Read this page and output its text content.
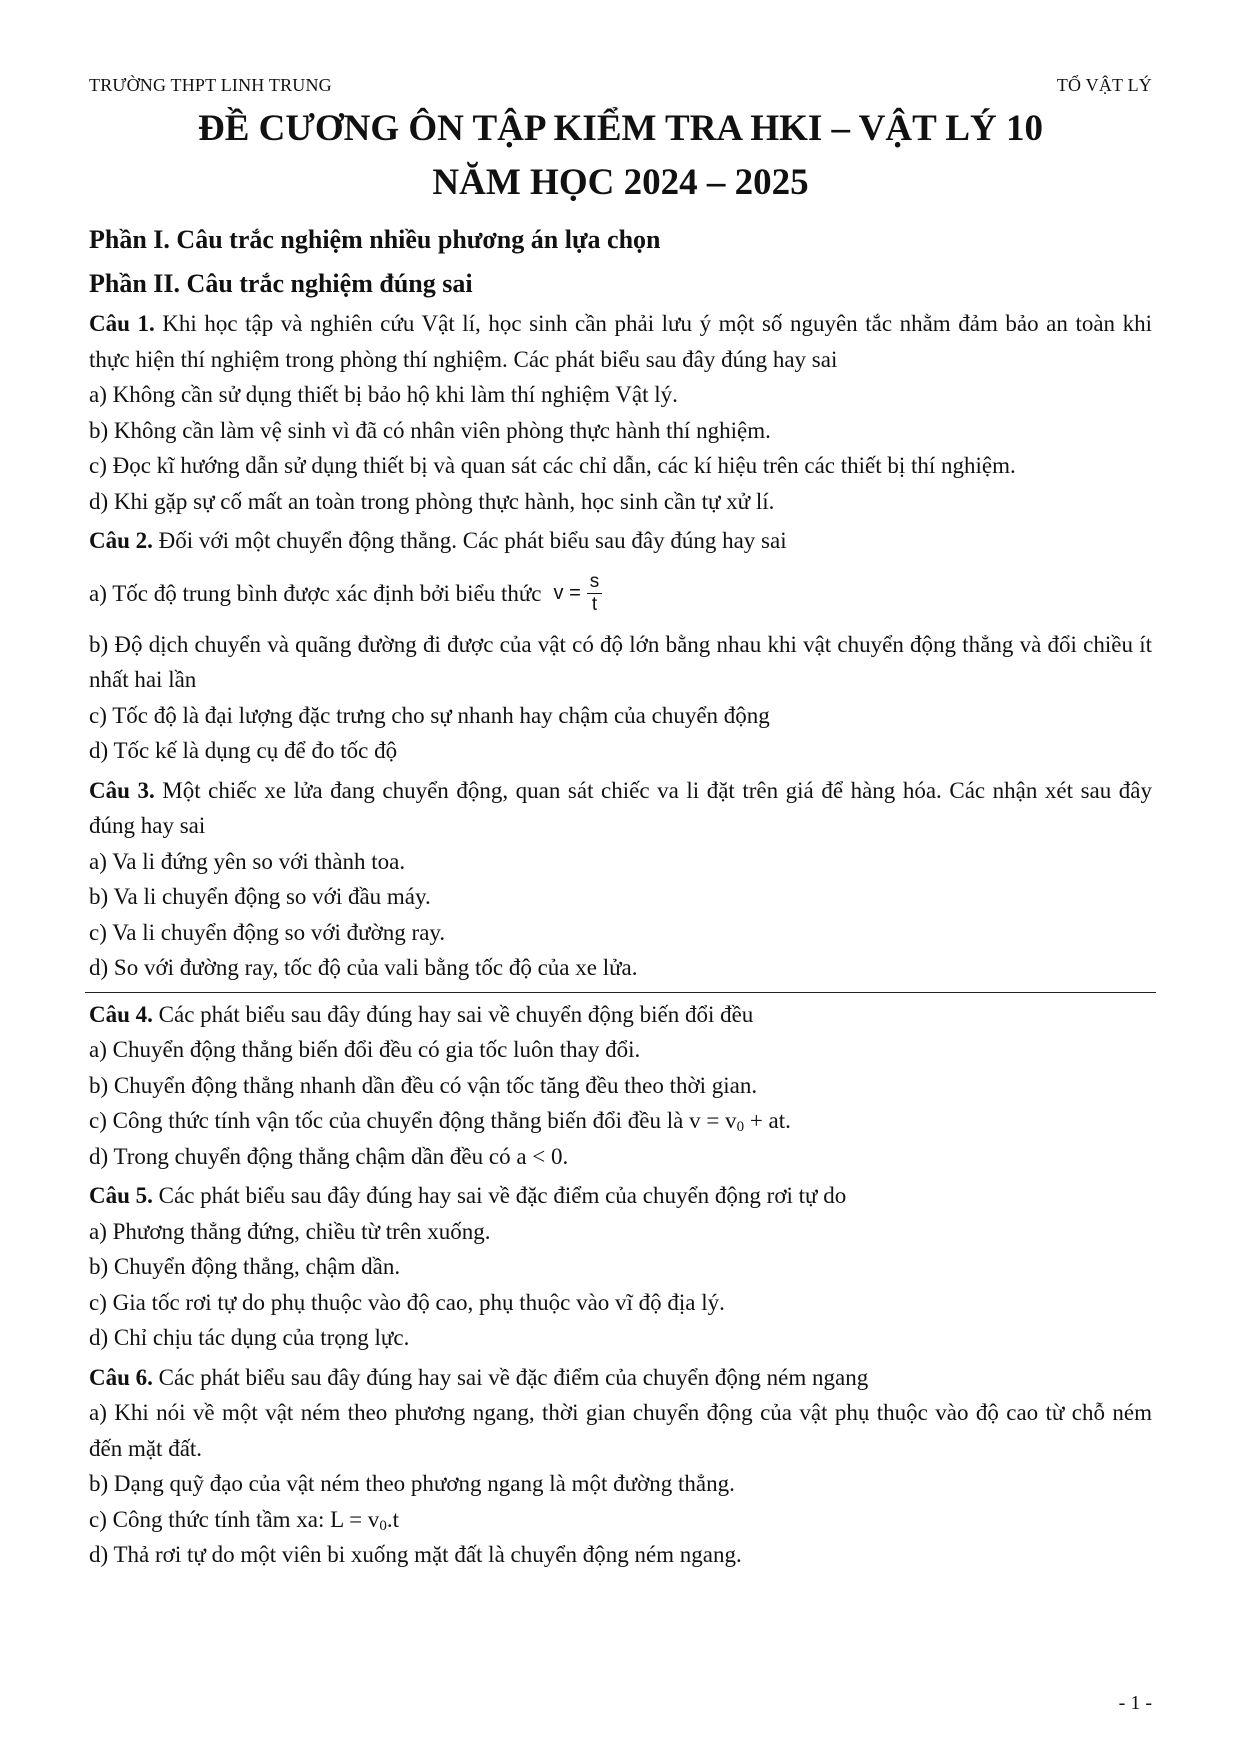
TRƯỜNG THPT LINH TRUNG	TỔ VẬT LÝ
ĐỀ CƯƠNG ÔN TẬP KIỂM TRA HKI – VẬT LÝ 10
NĂM HỌC 2024 – 2025
Phần I. Câu trắc nghiệm nhiều phương án lựa chọn
Phần II. Câu trắc nghiệm đúng sai

Câu 1. Khi học tập và nghiên cứu Vật lí, học sinh cần phải lưu ý một số nguyên tắc nhằm đảm bảo an toàn khi thực hiện thí nghiệm trong phòng thí nghiệm. Các phát biểu sau đây đúng hay sai

a) Không cần sử dụng thiết bị bảo hộ khi làm thí nghiệm Vật lý.

b) Không cần làm vệ sinh vì đã có nhân viên phòng thực hành thí nghiệm.

c) Đọc kĩ hướng dẫn sử dụng thiết bị và quan sát các chỉ dẫn, các kí hiệu trên các thiết bị thí nghiệm.

d) Khi gặp sự cố mất an toàn trong phòng thực hành, học sinh cần tự xử lí.

Câu 2. Đối với một chuyển động thẳng. Các phát biểu sau đây đúng hay sai

a) Tốc độ trung bình được xác định bởi biểu thức $v = \frac{s}{t}$

b) Độ dịch chuyển và quãng đường đi được của vật có độ lớn bằng nhau khi vật chuyển động thẳng và đổi chiều ít nhất hai lần

c) Tốc độ là đại lượng đặc trưng cho sự nhanh hay chậm của chuyển động

d) Tốc kế là dụng cụ để đo tốc độ

Câu 3. Một chiếc xe lửa đang chuyển động, quan sát chiếc va li đặt trên giá để hàng hóa. Các nhận xét sau đây đúng hay sai

a) Va li đứng yên so với thành toa.

b) Va li chuyển động so với đầu máy.

c) Va li chuyển động so với đường ray.

d) So với đường ray, tốc độ của vali bằng tốc độ của xe lửa.

Câu 4. Các phát biểu sau đây đúng hay sai về chuyển động biến đổi đều

a) Chuyển động thẳng biến đổi đều có gia tốc luôn thay đổi.

b) Chuyển động thẳng nhanh dần đều có vận tốc tăng đều theo thời gian.

c) Công thức tính vận tốc của chuyển động thẳng biến đổi đều là $v = v_0$ + at.

d) Trong chuyển động thẳng chậm dần đều có a < 0.

Câu 5. Các phát biểu sau đây đúng hay sai về đặc điểm của chuyển động rơi tự do

a) Phương thẳng đứng, chiều từ trên xuống.

b) Chuyển động thẳng, chậm dần.

c) Gia tốc rơi tự do phụ thuộc vào độ cao, phụ thuộc vào vĩ độ địa lý.

d) Chỉ chịu tác dụng của trọng lực.

Câu 6. Các phát biểu sau đây đúng hay sai về đặc điểm của chuyển động ném ngang

a) Khi nói về một vật ném theo phương ngang, thời gian chuyển động của vật phụ thuộc vào độ cao từ chỗ ném đến mặt đất.

b) Dạng quỹ đạo của vật ném theo phương ngang là một đường thẳng.

c) Công thức tính tầm xa: $L = v_0.t$

d) Thả rơi tự do một viên bi xuống mặt đất là chuyển động ném ngang.

- 1 -
